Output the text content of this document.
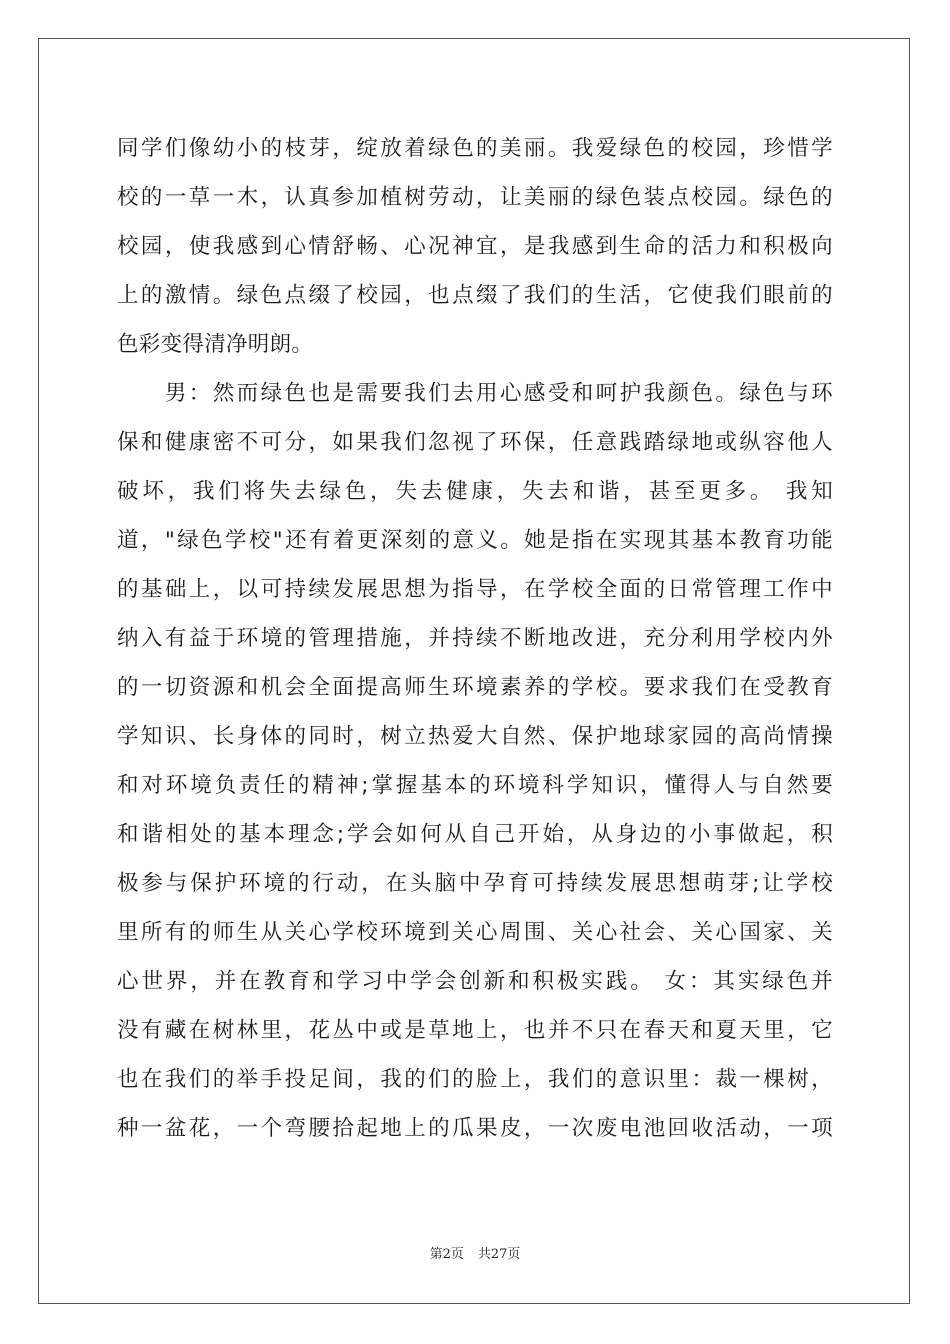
同学们像幼小的枝芽，绽放着绿色的美丽。我爱绿色的校园，珍惜学
校的一草一木，认真参加植树劳动，让美丽的绿色装点校园。绿色的
校园，使我感到心情舒畅、心况神宜，是我感到生命的活力和积极向
上的激情。绿色点缀了校园，也点缀了我们的生活，它使我们眼前的
色彩变得清净明朗。
　　男：然而绿色也是需要我们去用心感受和呵护我颜色。绿色与环
保和健康密不可分，如果我们忽视了环保，任意践踏绿地或纵容他人
破坏，我们将失去绿色，失去健康，失去和谐，甚至更多。 我知
道，"绿色学校"还有着更深刻的意义。她是指在实现其基本教育功能
的基础上，以可持续发展思想为指导，在学校全面的日常管理工作中
纳入有益于环境的管理措施，并持续不断地改进，充分利用学校内外
的一切资源和机会全面提高师生环境素养的学校。要求我们在受教育
学知识、长身体的同时，树立热爱大自然、保护地球家园的高尚情操
和对环境负责任的精神;掌握基本的环境科学知识，懂得人与自然要
和谐相处的基本理念;学会如何从自己开始，从身边的小事做起，积
极参与保护环境的行动，在头脑中孕育可持续发展思想萌芽;让学校
里所有的师生从关心学校环境到关心周围、关心社会、关心国家、关
心世界，并在教育和学习中学会创新和积极实践。 女：其实绿色并
没有藏在树林里，花丛中或是草地上，也并不只在春天和夏天里，它
也在我们的举手投足间，我的们的脸上，我们的意识里：裁一棵树，
种一盆花，一个弯腰拾起地上的瓜果皮，一次废电池回收活动，一项
第2页 共27页
